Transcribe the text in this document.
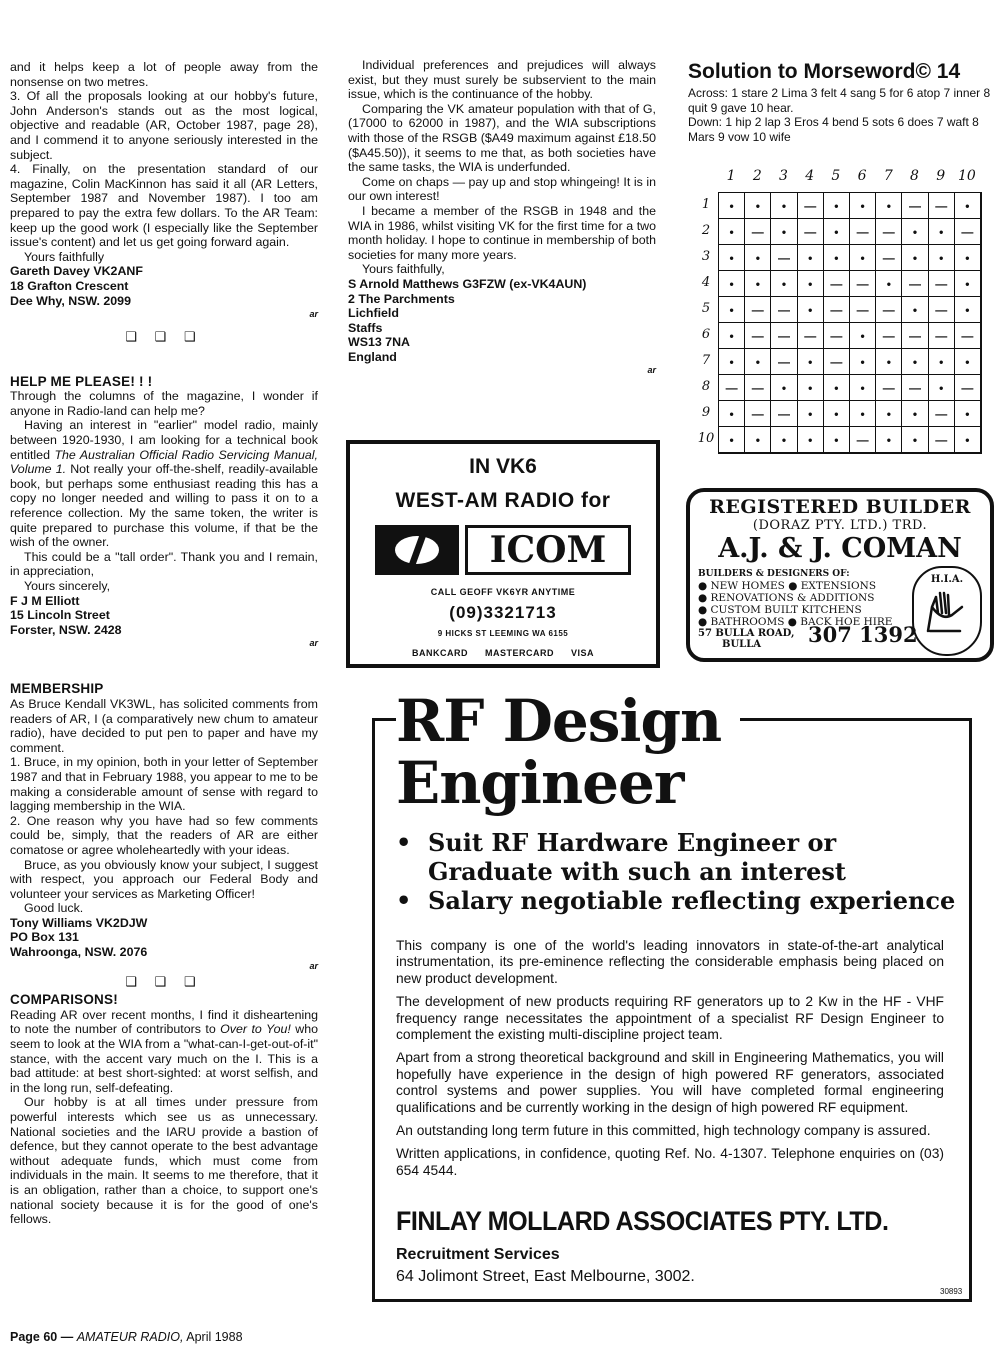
and it helps keep a lot of people away from the nonsense on two metres.

3. Of all the proposals looking at our hobby's future, John Anderson's stands out as the most logical, objective and readable (AR, October 1987, page 28), and I commend it to anyone seriously interested in the subject.

4. Finally, on the presentation standard of our magazine, Colin MacKinnon has said it all (AR Letters, September 1987 and November 1987). I too am prepared to pay the extra few dollars. To the AR Team: keep up the good work (I especially like the September issue's content) and let us get going forward again.

Yours faithfully

Gareth Davey VK2ANF

18 Grafton Crescent

Dee Why, NSW. 2099

ar
❑ ❑ ❑

HELP ME PLEASE! ! !

Through the columns of the magazine, I wonder if anyone in Radio-land can help me?

Having an interest in "earlier" model radio, mainly between 1920-1930, I am looking for a technical book entitled The Australian Official Radio Servicing Manual, Volume 1. Not really your off-the-shelf, readily-available book, but perhaps some enthusiast reading this has a copy no longer needed and willing to pass it on to a reference collection. My the same token, the writer is quite prepared to purchase this volume, if that be the wish of the owner.

This could be a "tall order". Thank you and I remain, in appreciation,

Yours sincerely,

F J M Elliott

15 Lincoln Street

Forster, NSW. 2428

ar

MEMBERSHIP

As Bruce Kendall VK3WL, has solicited comments from readers of AR, I (a comparatively new chum to amateur radio), have decided to put pen to paper and have my comment.

1. Bruce, in my opinion, both in your letter of September 1987 and that in February 1988, you appear to me to be making a considerable amount of sense with regard to lagging membership in the WIA.

2. One reason why you have had so few comments could be, simply, that the readers of AR are either comatose or agree wholeheartedly with your ideas.

Bruce, as you obviously know your subject, I suggest with respect, you approach our Federal Body and volunteer your services as Marketing Officer!

Good luck.

Tony Williams VK2DJW

PO Box 131

Wahroonga, NSW. 2076

ar
❑ ❑ ❑

COMPARISONS!

Reading AR over recent months, I find it disheartening to note the number of contributors to Over to You! who seem to look at the WIA from a "what-can-I-get-out-of-it" stance, with the accent vary much on the I. This is a bad attitude: at best short-sighted: at worst selfish, and in the long run, self-defeating.

Our hobby is at all times under pressure from powerful interests which see us as unnecessary. National societies and the IARU provide a bastion of defence, but they cannot operate to the best advantage without adequate funds, which must come from individuals in the main. It seems to me therefore, that it is an obligation, rather than a choice, to support one's national society because it is for the good of one's fellows.

Individual preferences and prejudices will always exist, but they must surely be subservient to the main issue, which is the continuance of the hobby.

Comparing the VK amateur population with that of G, (17000 to 62000 in 1987), and the WIA subscriptions with those of the RSGB ($A49 maximum against £18.50 ($A45.50)), it seems to me that, as both societies have the same tasks, the WIA is underfunded.

Come on chaps — pay up and stop whingeing! It is in our own interest!

I became a member of the RSGB in 1948 and the WIA in 1986, whilst visiting VK for the first time for a two month holiday. I hope to continue in membership of both societies for many more years.

Yours faithfully,

S Arnold Matthews G3FZW (ex-VK4AUN)

2 The Parchments

Lichfield

Staffs

WS13 7NA

England

ar
IN VK6
WEST-AM RADIO for
ICOM
CALL GEOFF VK6YR ANYTIME
(09)3321713
9 HICKS ST LEEMING WA 6155
BANKCARD MASTERCARD VISA
Solution to Morseword© 14
Across: 1 stare 2 Lima 3 felt 4 sang 5 for 6 atop 7 inner 8 quit 9 gave 10 hear.
Down: 1 hip 2 lap 3 Eros 4 bend 5 sots 6 does 7 waft 8 Mars 9 vow 10 wife
1	2	3	4	5	6	7	8	9 10
1
2
3
4
5
6
7
8
9
10
•	•	•	—	•	•	•	—	—	•
•	—	•	—	•	—	—	•	•	—
•	•	—	•	•	•	—	•	•	•
•	•	•	•	—	—	•	—	—	•
•	—	—	•	—	—	—	•	—	•
•	—	—	—	—	•	—	—	—	—
•	•	—	•	—	•	•	•	•	•
—	—	•	•	•	•	—	—	•	—
•	—	—	•	•	•	•	•	—	•
•	•	•	•	•	—	•	•	—	•
REGISTERED BUILDER
(DORAZ PTY. LTD.) TRD.
A.J. & J. COMAN
BUILDERS & DESIGNERS OF:
● NEW HOMES ● EXTENSIONS
● RENOVATIONS & ADDITIONS
● CUSTOM BUILT KITCHENS
● BATHROOMS ● BACK HOE HIRE
57 BULLA ROAD,
BULLA	307 1392
H.I.A.
RF Design
Engineer
• Suit RF Hardware Engineer or
Graduate with such an interest
• Salary negotiable reflecting experience

This company is one of the world's leading innovators in state-of-the-art analytical instrumentation, its pre-eminence reflecting the considerable emphasis being placed on new product development.

The development of new products requiring RF generators up to 2 Kw in the HF - VHF frequency range necessitates the appointment of a specialist RF Design Engineer to complement the existing multi-discipline project team.

Apart from a strong theoretical background and skill in Engineering Mathematics, you will hopefully have experience in the design of high powered RF generators, associated control systems and power supplies. You will have completed formal engineering qualifications and be currently working in the design of high powered RF equipment.

An outstanding long term future in this committed, high technology company is assured.

Written applications, in confidence, quoting Ref. No. 4-1307. Telephone enquiries on (03) 654 4544.

FINLAY MOLLARD ASSOCIATES PTY. LTD.
Recruitment Services
64 Jolimont Street, East Melbourne, 3002.
30893
Page 60 — AMATEUR RADIO, April 1988
